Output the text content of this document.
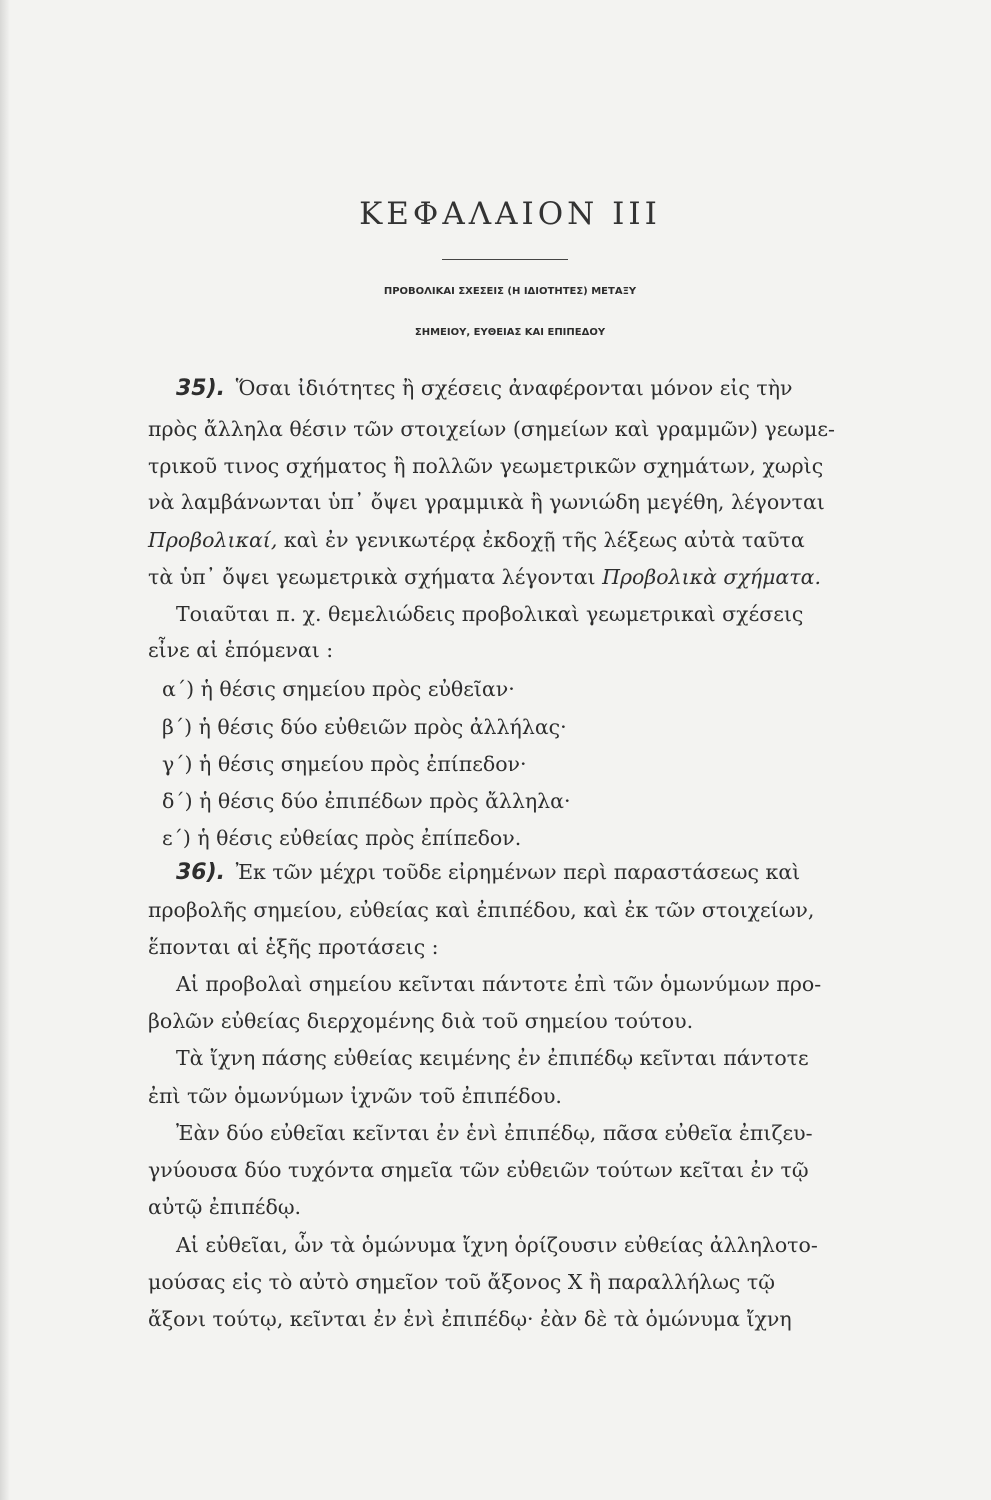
ΚΕΦΑΛΑΙΟΝ III
ΠΡΟΒΟΛΙΚΑΙ ΣΧΕΣΕΙΣ (Η ΙΔΙΟΤΗΤΕΣ) ΜΕΤΑΞΥ
ΣΗΜΕΙΟΥ, ΕΥΘΕΙΑΣ ΚΑΙ ΕΠΙΠΕΔΟΥ
35). Ὅσαι ἰδιότητες ἢ σχέσεις ἀναφέρονται μόνον εἰς τὴν
πρὸς ἄλληλα θέσιν τῶν στοιχείων (σημείων καὶ γραμμῶν) γεωμε-
τρικοῦ τινος σχήματος ἢ πολλῶν γεωμετρικῶν σχημάτων, χωρὶς
νὰ λαμβάνωνται ὑπ᾽ ὄψει γραμμικὰ ἢ γωνιώδη μεγέθη, λέγονται
Προβολικαί, καὶ ἐν γενικωτέρᾳ ἐκδοχῇ τῆς λέξεως αὐτὰ ταῦτα
τὰ ὑπ᾽ ὄψει γεωμετρικὰ σχήματα λέγονται Προβολικὰ σχήματα.
Τοιαῦται π. χ. θεμελιώδεις προβολικαὶ γεωμετρικαὶ σχέσεις
εἶνε αἱ ἑπόμεναι :
α΄) ἡ θέσις σημείου πρὸς εὐθεῖαν·
β΄) ἡ θέσις δύο εὐθειῶν πρὸς ἀλλήλας·
γ΄) ἡ θέσις σημείου πρὸς ἐπίπεδον·
δ΄) ἡ θέσις δύο ἐπιπέδων πρὸς ἄλληλα·
ε΄) ἡ θέσις εὐθείας πρὸς ἐπίπεδον.
36). Ἐκ τῶν μέχρι τοῦδε εἰρημένων περὶ παραστάσεως καὶ
προβολῆς σημείου, εὐθείας καὶ ἐπιπέδου, καὶ ἐκ τῶν στοιχείων,
ἕπονται αἱ ἑξῆς προτάσεις :
Αἱ προβολαὶ σημείου κεῖνται πάντοτε ἐπὶ τῶν ὁμωνύμων προ-
βολῶν εὐθείας διερχομένης διὰ τοῦ σημείου τούτου.
Τὰ ἴχνη πάσης εὐθείας κειμένης ἐν ἐπιπέδῳ κεῖνται πάντοτε
ἐπὶ τῶν ὁμωνύμων ἰχνῶν τοῦ ἐπιπέδου.
Ἐὰν δύο εὐθεῖαι κεῖνται ἐν ἑνὶ ἐπιπέδῳ, πᾶσα εὐθεῖα ἐπιζευ-
γνύουσα δύο τυχόντα σημεῖα τῶν εὐθειῶν τούτων κεῖται ἐν τῷ
αὐτῷ ἐπιπέδῳ.
Αἱ εὐθεῖαι, ὧν τὰ ὁμώνυμα ἴχνη ὁρίζουσιν εὐθείας ἀλληλοτο-
μούσας εἰς τὸ αὐτὸ σημεῖον τοῦ ἄξονος Χ ἢ παραλλήλως τῷ
ἄξονι τούτῳ, κεῖνται ἐν ἑνὶ ἐπιπέδῳ· ἐὰν δὲ τὰ ὁμώνυμα ἴχνη
